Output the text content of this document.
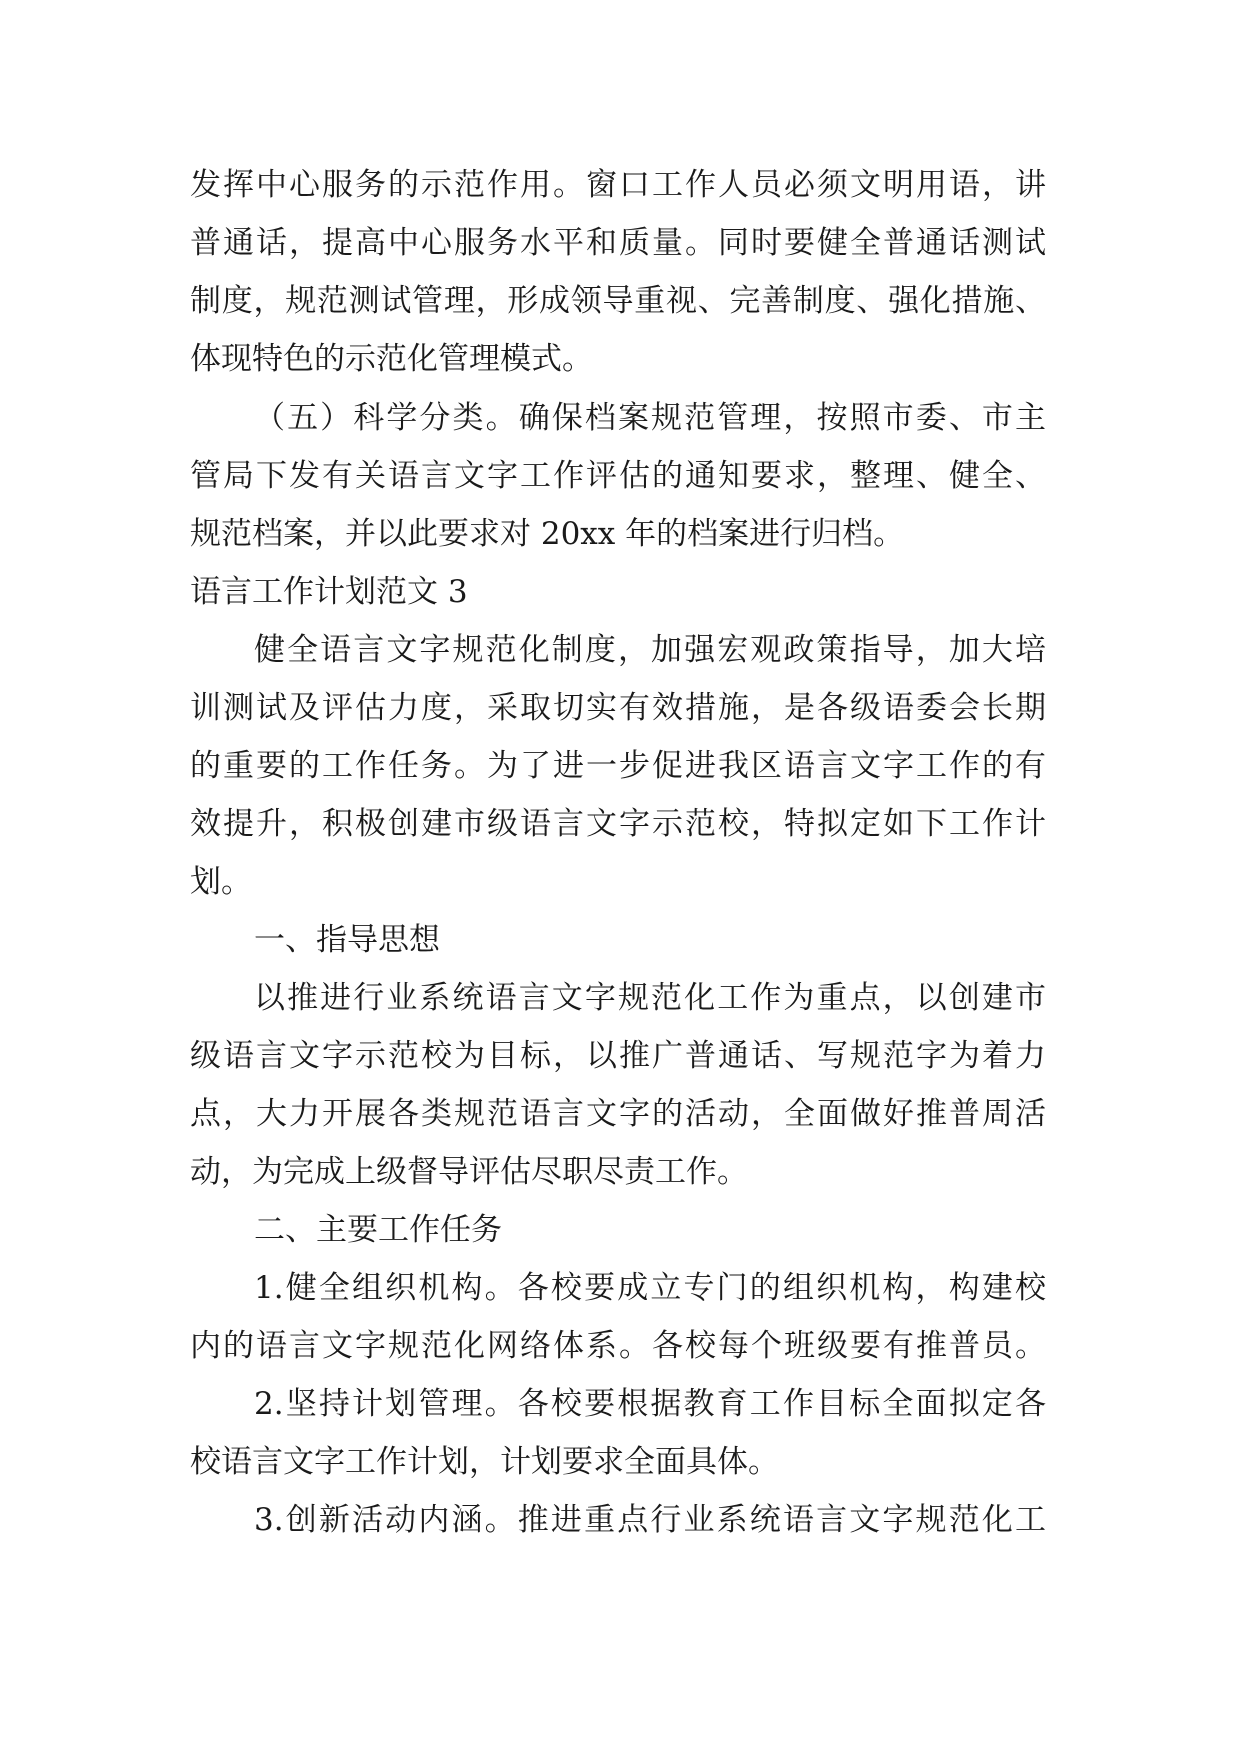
发挥中心服务的示范作用。窗口工作人员必须文明用语，讲
普通话，提高中心服务水平和质量。同时要健全普通话测试
制度，规范测试管理，形成领导重视、完善制度、强化措施、
体现特色的示范化管理模式。
（五）科学分类。确保档案规范管理，按照市委、市主
管局下发有关语言文字工作评估的通知要求，整理、健全、
规范档案，并以此要求对 20xx 年的档案进行归档。
语言工作计划范文 3
健全语言文字规范化制度，加强宏观政策指导，加大培
训测试及评估力度，采取切实有效措施，是各级语委会长期
的重要的工作任务。为了进一步促进我区语言文字工作的有
效提升，积极创建市级语言文字示范校，特拟定如下工作计
划。
一、指导思想
以推进行业系统语言文字规范化工作为重点，以创建市
级语言文字示范校为目标，以推广普通话、写规范字为着力
点，大力开展各类规范语言文字的活动，全面做好推普周活
动，为完成上级督导评估尽职尽责工作。
二、主要工作任务
1.健全组织机构。各校要成立专门的组织机构，构建校
内的语言文字规范化网络体系。各校每个班级要有推普员。
2.坚持计划管理。各校要根据教育工作目标全面拟定各
校语言文字工作计划，计划要求全面具体。
3.创新活动内涵。推进重点行业系统语言文字规范化工
